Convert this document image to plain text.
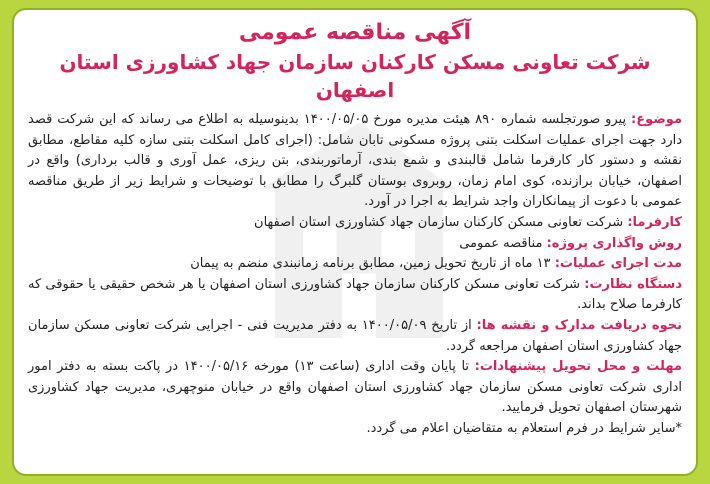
آگهی مناقصه عمومی
شرکت تعاونی مسکن کارکنان سازمان جهاد کشاورزی استان اصفهان

موضوع: پیرو صورتجلسه شماره ۸۹۰ هیئت مدیره مورخ ۱۴۰۰/۰۵/۰۵ بدینوسیله به اطلاع می رساند که این شرکت قصد دارد جهت اجرای عملیات اسکلت بتنی پروژه مسکونی تابان شامل: (اجرای کامل اسکلت بتنی سازه کلیه مقاطع، مطابق نقشه و دستور کار کارفرما شامل قالبندی و شمع بندی، آرماتوربندی، بتن ریزی، عمل آوری و قالب برداری) واقع در اصفهان، خیابان برازنده، کوی امام زمان، روبروی بوستان گلبرگ را مطابق با توضیحات و شرایط زیر از طریق مناقصه عمومی با دعوت از پیمانکاران واجد شرایط به اجرا در آورد.

کارفرما: شرکت تعاونی مسکن کارکنان سازمان جهاد کشاورزی استان اصفهان

روش واگذاری پروژه: مناقصه عمومی

مدت اجرای عملیات: ۱۳ ماه از تاریخ تحویل زمین، مطابق برنامه زمانبندی منضم به پیمان

دستگاه نظارت: شرکت تعاونی مسکن کارکنان سازمان جهاد کشاورزی استان اصفهان یا هر شخص حقیقی یا حقوقی که کارفرما صلاح بداند.

نحوه دریافت مدارک و نقشه ها: از تاریخ ۱۴۰۰/۰۵/۰۹ به دفتر مدیریت فنی - اجرایی شرکت تعاونی مسکن سازمان جهاد کشاورزی استان اصفهان مراجعه گردد.

مهلت و محل تحویل پیشنهادات: تا پایان وقت اداری (ساعت ۱۳) مورخه ۱۴۰۰/۰۵/۱۶ در پاکت بسته به دفتر امور اداری شرکت تعاونی مسکن سازمان جهاد کشاورزی استان اصفهان واقع در خیابان منوچهری، مدیریت جهاد کشاورزی شهرستان اصفهان تحویل فرمایید.

*سایر شرایط در فرم استعلام به متقاضیان اعلام می گردد.
